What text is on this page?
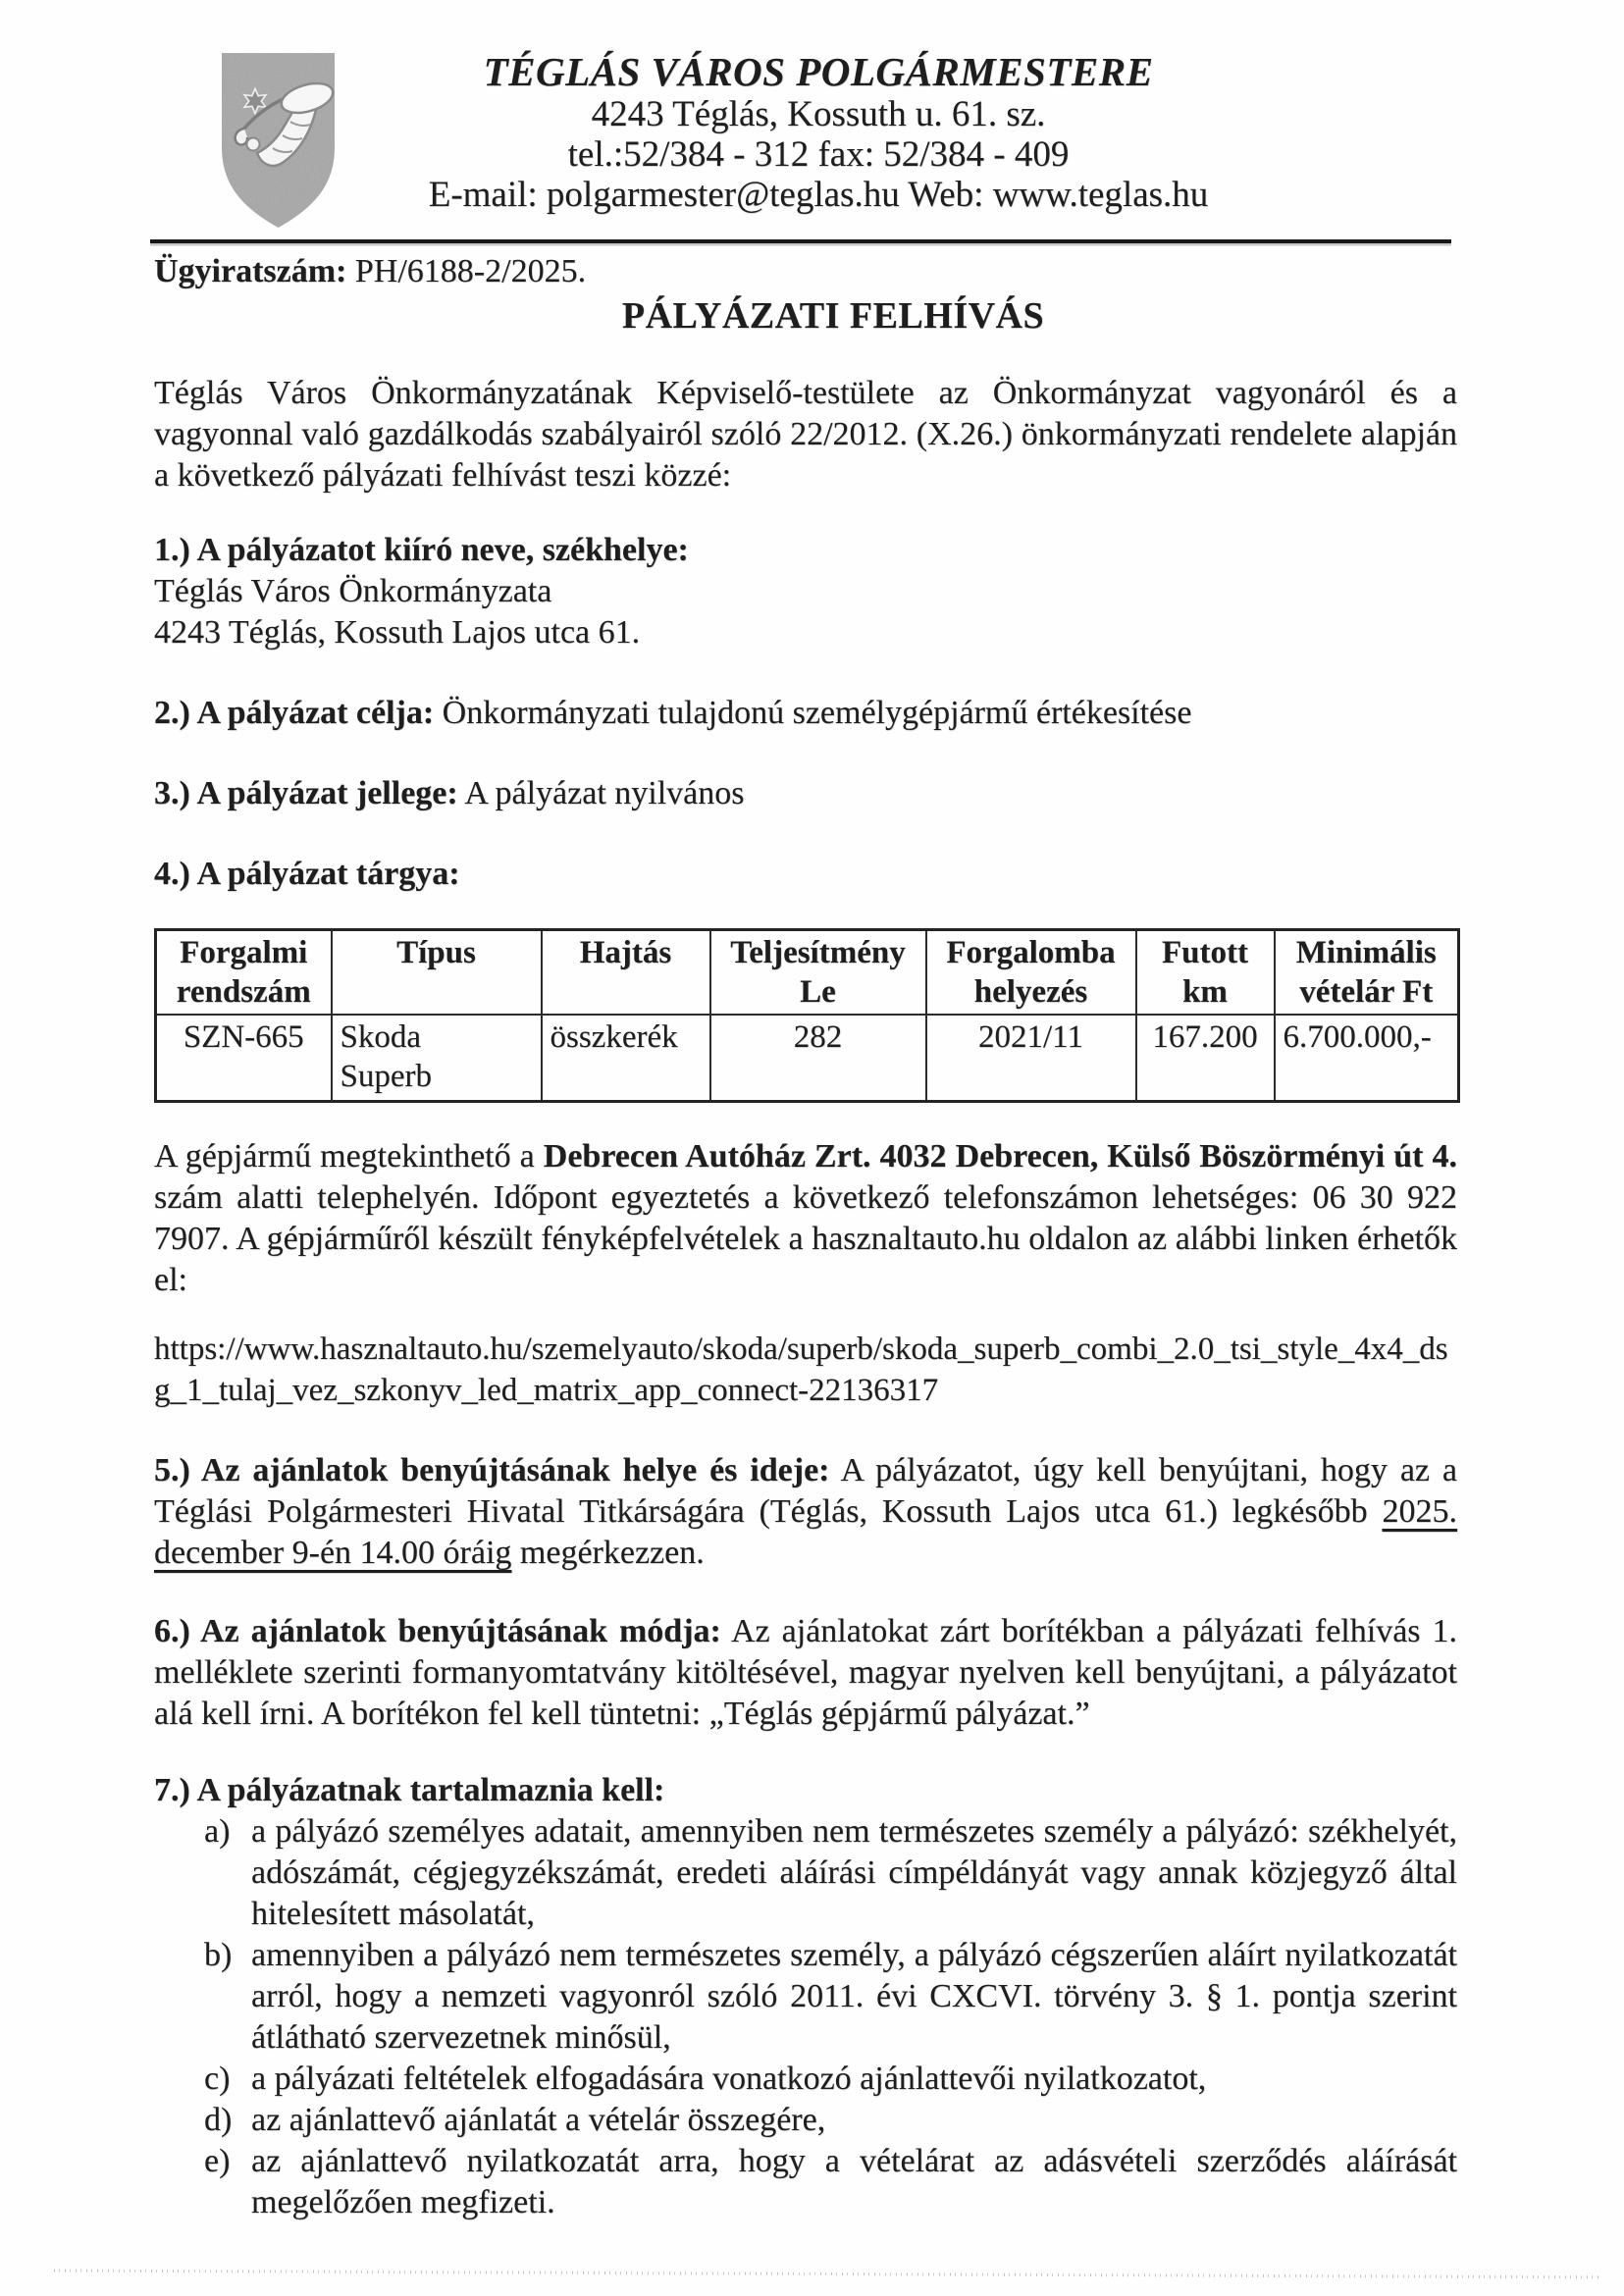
TÉGLÁS VÁROS POLGÁRMESTERE
4243 Téglás, Kossuth u. 61. sz.
tel.:52/384 - 312 fax: 52/384 - 409
E-mail: polgarmester@teglas.hu Web: www.teglas.hu
Ügyiratszám: PH/6188-2/2025.
PÁLYÁZATI FELHÍVÁS

Téglás Város Önkormányzatának Képviselő-testülete az Önkormányzat vagyonáról és a vagyonnal való gazdálkodás szabályairól szóló 22/2012. (X.26.) önkormányzati rendelete alapján a következő pályázati felhívást teszi közzé:

1.) A pályázatot kiíró neve, székhelye:
Téglás Város Önkormányzata
4243 Téglás, Kossuth Lajos utca 61.
2.) A pályázat célja: Önkormányzati tulajdonú személygépjármű értékesítése
3.) A pályázat jellege: A pályázat nyilvános
4.) A pályázat tárgya:
Forgalmi rendszám	Típus	Hajtás	Teljesítmény Le	Forgalomba helyezés	Futott km	Minimális vételár Ft
SZN-665	Skoda Superb	összkerék	282	2021/11	167.200	6.700.000,-

A gépjármű megtekinthető a Debrecen Autóház Zrt. 4032 Debrecen, Külső Böszörményi út 4. szám alatti telephelyén. Időpont egyeztetés a következő telefonszámon lehetséges: 06 30 922 7907. A gépjárműről készült fényképfelvételek a hasznaltauto.hu oldalon az alábbi linken érhetők el:

https://www.hasznaltauto.hu/szemelyauto/skoda/superb/skoda_superb_combi_2.0_tsi_style_4x4_dsg_1_tulaj_vez_szkonyv_led_matrix_app_connect-22136317

5.) Az ajánlatok benyújtásának helye és ideje: A pályázatot, úgy kell benyújtani, hogy az a Téglási Polgármesteri Hivatal Titkárságára (Téglás, Kossuth Lajos utca 61.) legkésőbb 2025. december 9-én 14.00 óráig megérkezzen.

6.) Az ajánlatok benyújtásának módja: Az ajánlatokat zárt borítékban a pályázati felhívás 1. melléklete szerinti formanyomtatvány kitöltésével, magyar nyelven kell benyújtani, a pályázatot alá kell írni. A borítékon fel kell tüntetni: „Téglás gépjármű pályázat.”

7.) A pályázatnak tartalmaznia kell:
a) a pályázó személyes adatait, amennyiben nem természetes személy a pályázó: székhelyét, adószámát, cégjegyzékszámát, eredeti aláírási címpéldányát vagy annak közjegyző által hitelesített másolatát,
b) amennyiben a pályázó nem természetes személy, a pályázó cégszerűen aláírt nyilatkozatát arról, hogy a nemzeti vagyonról szóló 2011. évi CXCVI. törvény 3. § 1. pontja szerint átlátható szervezetnek minősül,
c) a pályázati feltételek elfogadására vonatkozó ajánlattevői nyilatkozatot,
d) az ajánlattevő ajánlatát a vételár összegére,
e) az ajánlattevő nyilatkozatát arra, hogy a vételárat az adásvételi szerződés aláírását megelőzően megfizeti.
